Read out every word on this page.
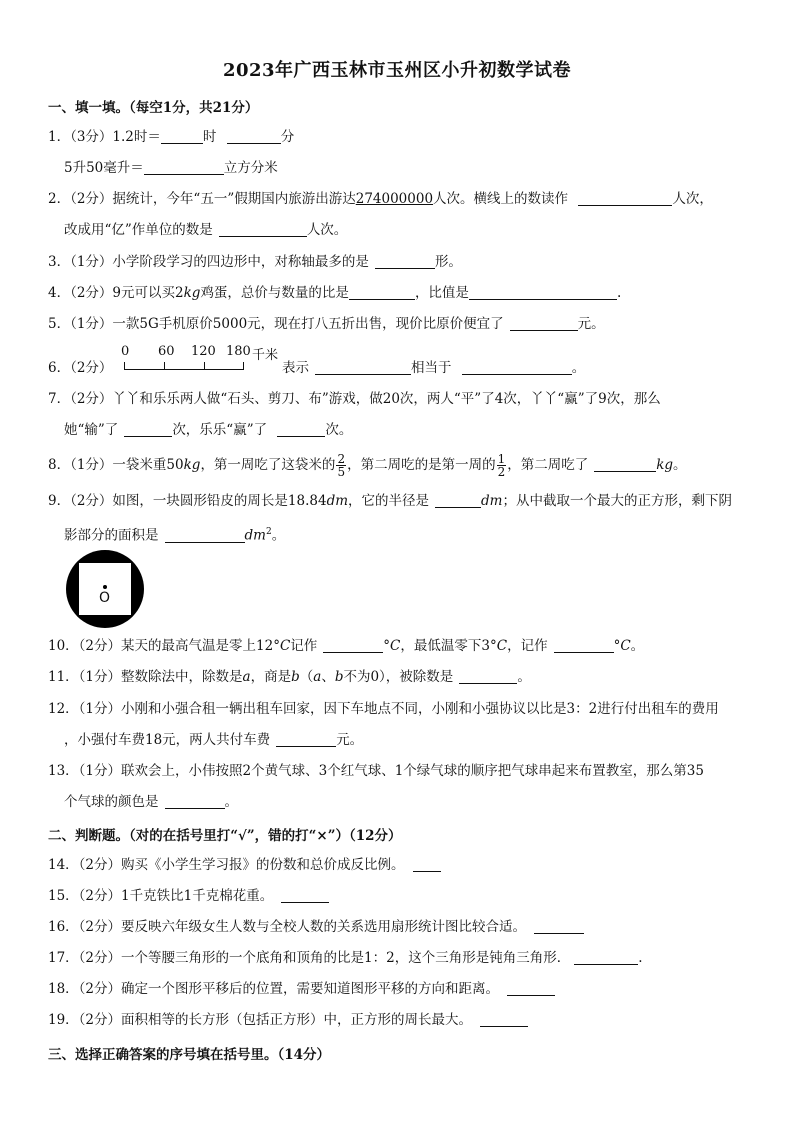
2023年广西玉林市玉州区小升初数学试卷
一、填一填。（每空1分，共21分）
1．（3分）1.2时＝	时	分
5升50毫升＝	立方分米
2．（2分）据统计，今年“五一”假期国内旅游出游达274000000人次。横线上的数读作	人次，
改成用“亿”作单位的数是	人次。
3．（1分）小学阶段学习的四边形中，对称轴最多的是	形。
4．（2分）9元可以买2kg鸡蛋，总价与数量的比是	，比值是	.
5．（1分）一款5G手机原价5000元，现在打八五折出售，现价比原价便宜了	元。
6．（2分）
0 60 120 180 千米
表示	相当于	。
7．（2分）丫丫和乐乐两人做“石头、剪刀、布”游戏，做20次，两人“平”了4次，丫丫“赢”了9次，那么
她“输”了	次，乐乐“赢”了	次。
8．（1分）一袋米重50kg，第一周吃了这袋米的 $\frac{2}{5}$ ，第二周吃的是第一周的 $\frac{1}{2}$ ，第二周吃了	kg。
9．（2分）如图，一块圆形铅皮的周长是18.84dm，它的半径是	dm；从中截取一个最大的正方形，剩下阴
影部分的面积是	$dm^2$。
O
10．（2分）某天的最高气温是零上12°C记作	°C，最低温零下3°C，记作	°C。
11．（1分）整数除法中，除数是a，商是b（a、b不为0），被除数是	。
12．（1分）小刚和小强合租一辆出租车回家，因下车地点不同，小刚和小强协议以比是3：2进行付出租车的费用
，小强付车费18元，两人共付车费	元。
13．（1分）联欢会上，小伟按照2个黄气球、3个红气球、1个绿气球的顺序把气球串起来布置教室，那么第35
个气球的颜色是	。
二、判断题。（对的在括号里打“√”，错的打“×”）（12分）
14．（2分）购买《小学生学习报》的份数和总价成反比例。
15．（2分）1千克铁比1千克棉花重。
16．（2分）要反映六年级女生人数与全校人数的关系选用扇形统计图比较合适。
17．（2分）一个等腰三角形的一个底角和顶角的比是1：2，这个三角形是钝角三角形．	.
18．（2分）确定一个图形平移后的位置，需要知道图形平移的方向和距离。
19．（2分）面积相等的长方形（包括正方形）中，正方形的周长最大。
三、选择正确答案的序号填在括号里。（14分）
